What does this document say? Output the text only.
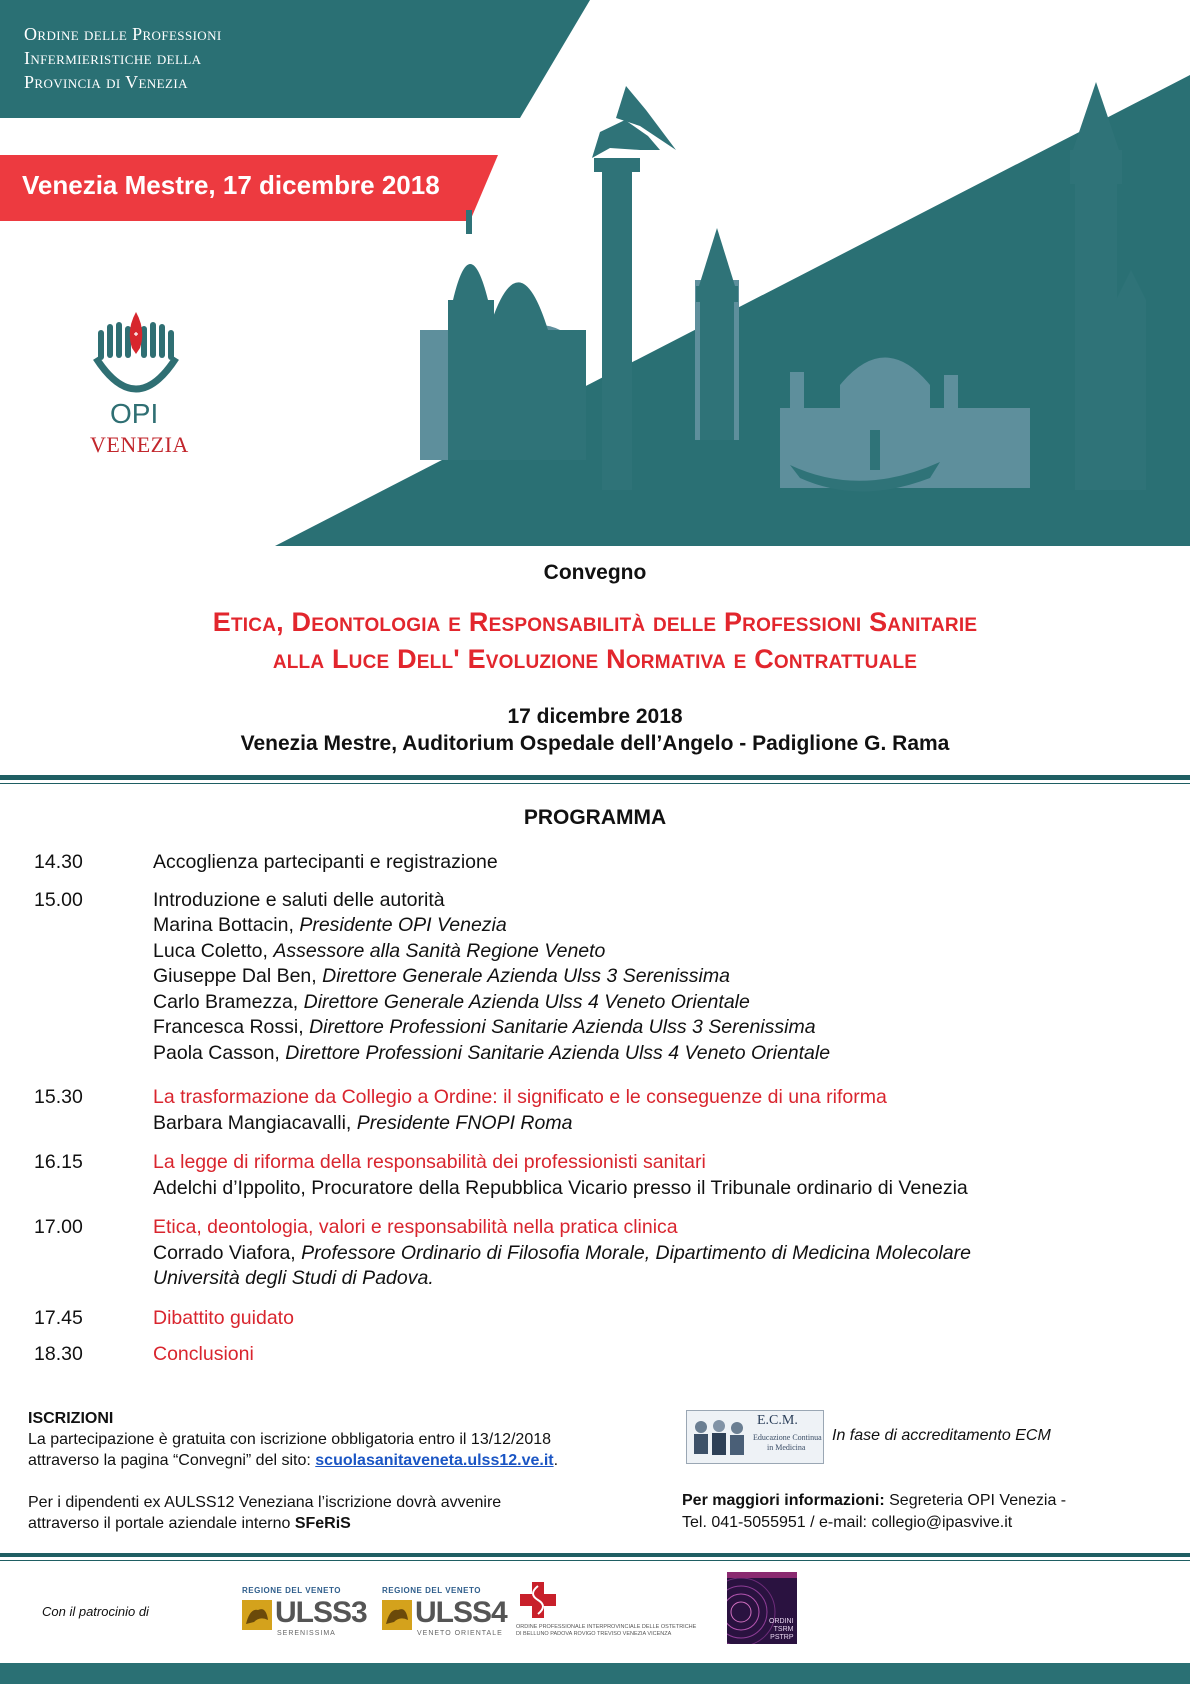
Ordine delle Professioni
Infermieristiche della
Provincia di Venezia
Venezia Mestre, 17 dicembre 2018
OPI
VENEZIA
Convegno
Etica, Deontologia e Responsabilità delle Professioni Sanitarie
alla Luce Dell' Evoluzione Normativa e Contrattuale
17 dicembre 2018
Venezia Mestre, Auditorium Ospedale dell’Angelo - Padiglione G. Rama
PROGRAMMA
14.30	Accoglienza partecipanti e registrazione
15.00	Introduzione e saluti delle autorità
Marina Bottacin, Presidente OPI Venezia
Luca Coletto, Assessore alla Sanità Regione Veneto
Giuseppe Dal Ben, Direttore Generale Azienda Ulss 3 Serenissima
Carlo Bramezza, Direttore Generale Azienda Ulss 4 Veneto Orientale
Francesca Rossi, Direttore Professioni Sanitarie Azienda Ulss 3 Serenissima
Paola Casson, Direttore Professioni Sanitarie Azienda Ulss 4 Veneto Orientale
15.30	La trasformazione da Collegio a Ordine: il significato e le conseguenze di una riforma
Barbara Mangiacavalli, Presidente FNOPI Roma
16.15	La legge di riforma della responsabilità dei professionisti sanitari
Adelchi d’Ippolito, Procuratore della Repubblica Vicario presso il Tribunale ordinario di Venezia
17.00	Etica, deontologia, valori e responsabilità nella pratica clinica
Corrado Viafora, Professore Ordinario di Filosofia Morale, Dipartimento di Medicina Molecolare
Università degli Studi di Padova.
17.45	Dibattito guidato
18.30	Conclusioni
ISCRIZIONI
La partecipazione è gratuita con iscrizione obbligatoria entro il 13/12/2018
attraverso la pagina “Convegni” del sito: scuolasanitaveneta.ulss12.ve.it.
Per i dipendenti ex AULSS12 Veneziana l’iscrizione dovrà avvenire
attraverso il portale aziendale interno SFeRiS
E.C.M.
Educazione Continua
in Medicina
In fase di accreditamento ECM
Per maggiori informazioni: Segreteria OPI Venezia -
Tel. 041-5055951 / e-mail: collegio@ipasvive.it
Con il patrocinio di
REGIONE DEL VENETO
ULSS3
SERENISSIMA
REGIONE DEL VENETO
ULSS4
VENETO ORIENTALE
ORDINE PROFESSIONALE INTERPROVINCIALE DELLE OSTETRICHE
DI BELLUNO PADOVA ROVIGO TREVISO VENEZIA VICENZA
ORDINI
TSRM
PSTRP
